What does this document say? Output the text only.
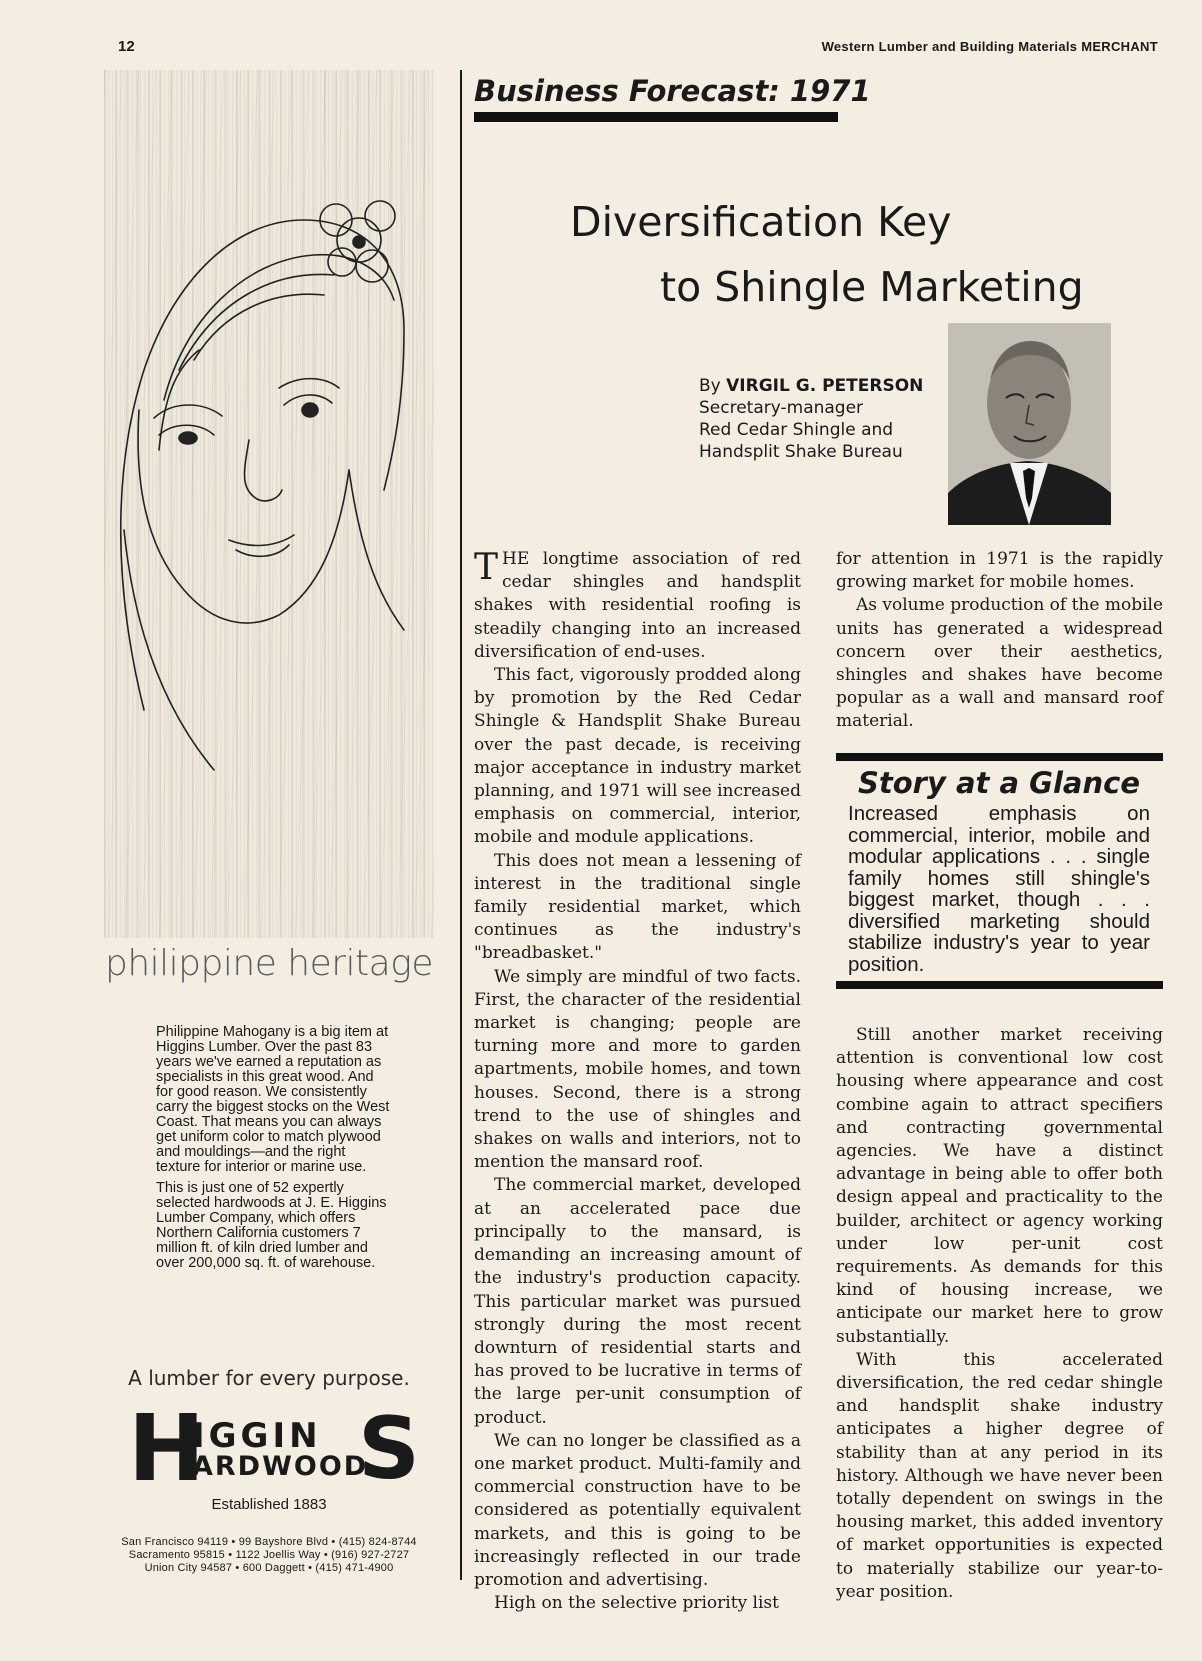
12	Western Lumber and Building Materials MERCHANT
philippine heritage

Philippine Mahogany is a big item at Higgins Lumber. Over the past 83 years we've earned a reputation as specialists in this great wood. And for good reason. We consistently carry the biggest stocks on the West Coast. That means you can always get uniform color to match plywood and mouldings—and the right texture for interior or marine use.

This is just one of 52 expertly selected hardwoods at J. E. Higgins Lumber Company, which offers Northern California customers 7 million ft. of kiln dried lumber and over 200,000 sq. ft. of warehouse.

A lumber for every purpose.
H
IGGIN
ARDWOOD
S
Established 1883
San Francisco 94119 • 99 Bayshore Blvd • (415) 824-8744
Sacramento 95815 • 1122 Joellis Way • (916) 927-2727
Union City 94587 • 600 Daggett • (415) 471-4900
Business Forecast: 1971
Diversification Key
to Shingle Marketing
By VIRGIL G. PETERSON
Secretary-manager
Red Cedar Shingle and
Handsplit Shake Bureau

THE longtime association of red cedar shingles and handsplit shakes with residential roofing is steadily changing into an increased diversification of end-uses.

This fact, vigorously prodded along by promotion by the Red Cedar Shingle & Handsplit Shake Bureau over the past decade, is receiving major acceptance in industry market planning, and 1971 will see increased emphasis on commercial, interior, mobile and module applications.

This does not mean a lessening of interest in the traditional single family residential market, which continues as the industry's "breadbasket."

We simply are mindful of two facts. First, the character of the residential market is changing; people are turning more and more to garden apartments, mobile homes, and town houses. Second, there is a strong trend to the use of shingles and shakes on walls and interiors, not to mention the mansard roof.

The commercial market, developed at an accelerated pace due principally to the mansard, is demanding an increasing amount of the industry's production capacity. This particular market was pursued strongly during the most recent downturn of residential starts and has proved to be lucrative in terms of the large per-unit consumption of product.

We can no longer be classified as a one market product. Multi-family and commercial construction have to be considered as potentially equivalent markets, and this is going to be increasingly reflected in our trade promotion and advertising.

High on the selective priority list

for attention in 1971 is the rapidly growing market for mobile homes.

As volume production of the mobile units has generated a widespread concern over their aesthetics, shingles and shakes have become popular as a wall and mansard roof material.

Story at a Glance
Increased emphasis on commercial, interior, mobile and modular applications . . . single family homes still shingle's biggest market, though . . . diversified marketing should stabilize industry's year to year position.

Still another market receiving attention is conventional low cost housing where appearance and cost combine again to attract specifiers and contracting governmental agencies. We have a distinct advantage in being able to offer both design appeal and practicality to the builder, architect or agency working under low per-unit cost requirements. As demands for this kind of housing increase, we anticipate our market here to grow substantially.

With this accelerated diversification, the red cedar shingle and handsplit shake industry anticipates a higher degree of stability than at any period in its history. Although we have never been totally dependent on swings in the housing market, this added inventory of market opportunities is expected to materially stabilize our year-to-year position.
